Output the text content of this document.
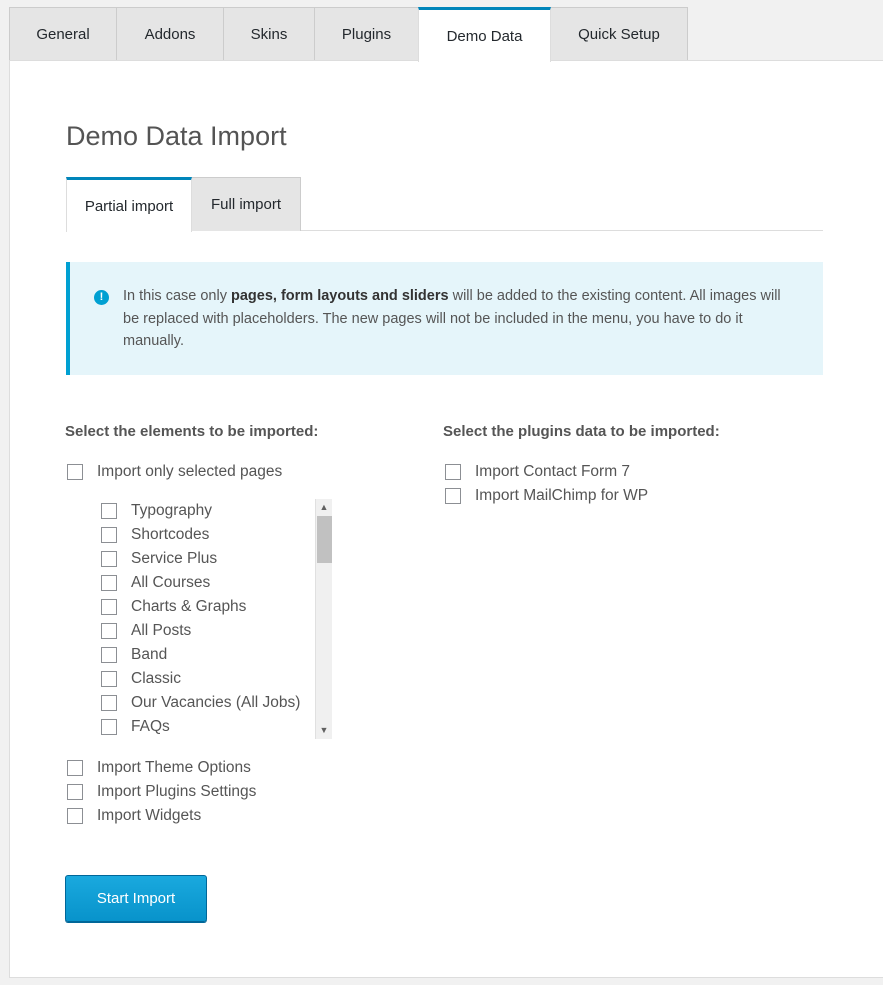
General	Addons	Skins	Plugins	Demo Data	Quick Setup
Demo Data Import
Partial import	Full import
!	In this case only pages, form layouts and sliders will be added to the existing content. All images will be replaced with placeholders. The new pages will not be included in the menu, you have to do it manually.
Select the elements to be imported:	Select the plugins data to be imported:
Import only selected pages
Typography
Shortcodes
Service Plus
All Courses
Charts & Graphs
All Posts
Band
Classic
Our Vacancies (All Jobs)
FAQs
▲
▼
Import Theme Options
Import Plugins Settings
Import Widgets
Import Contact Form 7
Import MailChimp for WP
Start Import
